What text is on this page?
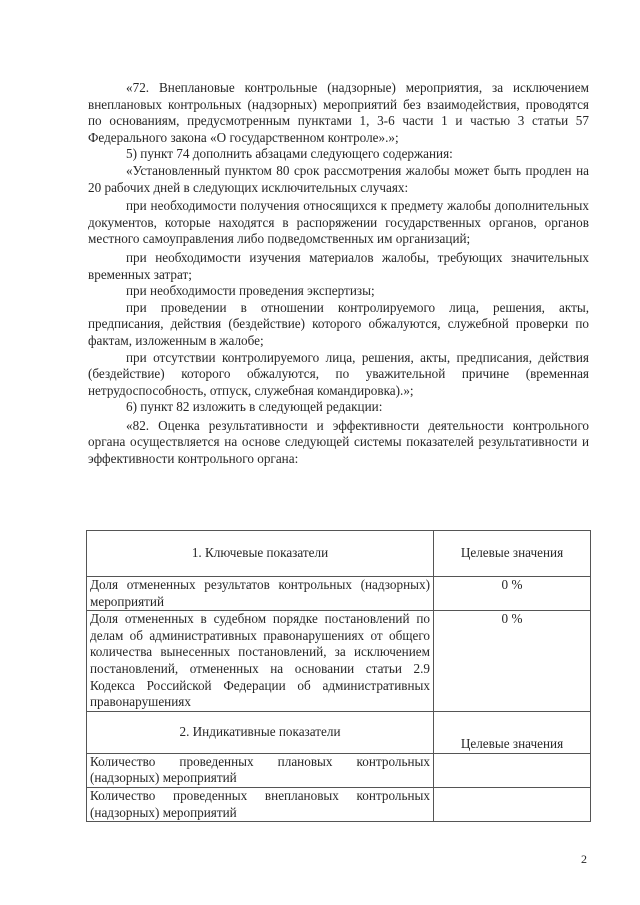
«72. Внеплановые контрольные (надзорные) мероприятия, за исключением внеплановых контрольных (надзорных) мероприятий без взаимодействия, проводятся по основаниям, предусмотренным пунктами 1, 3-6 части 1 и частью 3 статьи 57 Федерального закона «О государственном контроле».»;

5) пункт 74 дополнить абзацами следующего содержания:

«Установленный пунктом 80 срок рассмотрения жалобы может быть продлен на 20 рабочих дней в следующих исключительных случаях:

при необходимости получения относящихся к предмету жалобы дополнительных документов, которые находятся в распоряжении государственных органов, органов местного самоуправления либо подведомственных им организаций;

при необходимости изучения материалов жалобы, требующих значительных временных затрат;

при необходимости проведения экспертизы;

при проведении в отношении контролируемого лица, решения, акты, предписания, действия (бездействие) которого обжалуются, служебной проверки по фактам, изложенным в жалобе;

при отсутствии контролируемого лица, решения, акты, предписания, действия (бездействие) которого обжалуются, по уважительной причине (временная нетрудоспособность, отпуск, служебная командировка).»;

6) пункт 82 изложить в следующей редакции:

«82. Оценка результативности и эффективности деятельности контрольного органа осуществляется на основе следующей системы показателей результативности и эффективности контрольного органа:

1. Ключевые показатели	Целевые значения
Доля отмененных результатов контрольных (надзорных) мероприятий	0 %
Доля отмененных в судебном порядке постановлений по делам об административных правонарушениях от общего количества вынесенных постановлений, за исключением постановлений, отмененных на основании статьи 2.9 Кодекса Российской Федерации об административных правонарушениях	0 %
2. Индикативные показатели	Целевые значения
Количество проведенных плановых контрольных (надзорных) мероприятий	
Количество проведенных внеплановых контрольных (надзорных) мероприятий	
2
